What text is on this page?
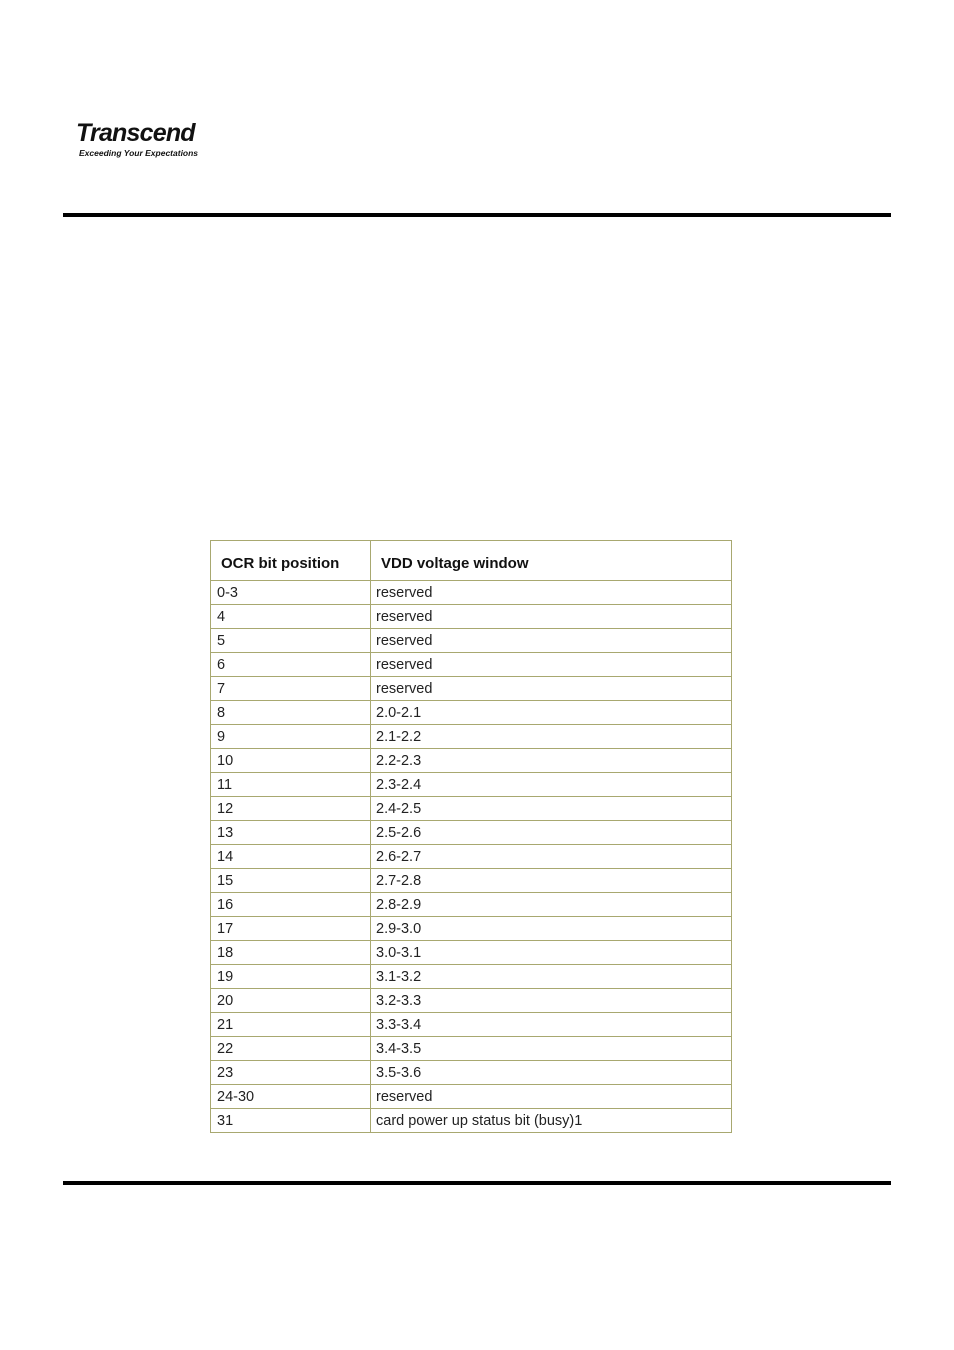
Transcend
Exceeding Your Expectations
OCR bit position	VDD voltage window
0-3	reserved
4	reserved
5	reserved
6	reserved
7	reserved
8	2.0-2.1
9	2.1-2.2
10	2.2-2.3
11	2.3-2.4
12	2.4-2.5
13	2.5-2.6
14	2.6-2.7
15	2.7-2.8
16	2.8-2.9
17	2.9-3.0
18	3.0-3.1
19	3.1-3.2
20	3.2-3.3
21	3.3-3.4
22	3.4-3.5
23	3.5-3.6
24-30	reserved
31	card power up status bit (busy)1
